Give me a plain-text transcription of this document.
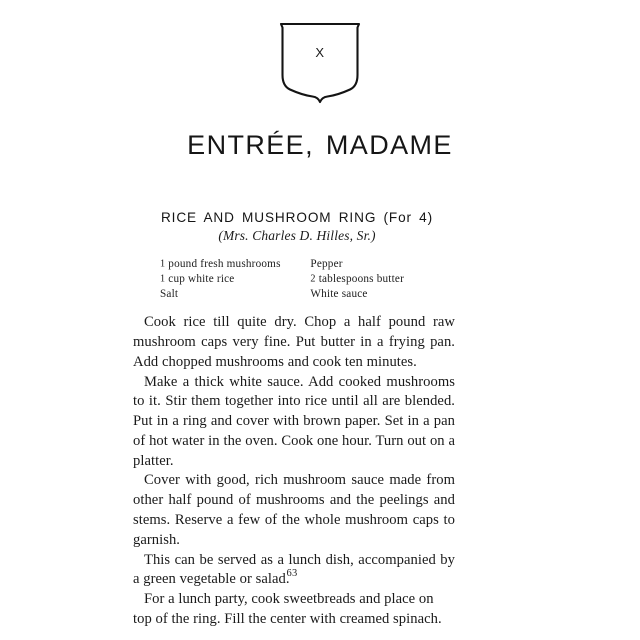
X
ENTRÉE, MADAME
RICE AND MUSHROOM RING (For 4)
(Mrs. Charles D. Hilles, Sr.)
1 pound fresh mushrooms
1 cup white rice
Salt
Pepper
2 tablespoons butter
White sauce

Cook rice till quite dry. Chop a half pound raw mushroom caps very fine. Put butter in a frying pan. Add chopped mushrooms and cook ten minutes.

Make a thick white sauce. Add cooked mushrooms to it. Stir them together into rice until all are blended. Put in a ring and cover with brown paper. Set in a pan of hot water in the oven. Cook one hour. Turn out on a platter.

Cover with good, rich mushroom sauce made from other half pound of mushrooms and the peelings and stems. Reserve a few of the whole mushroom caps to garnish.

This can be served as a lunch dish, accompanied by a green vegetable or salad.

For a lunch party, cook sweetbreads and place on top of the ring. Fill the center with creamed spinach.

63
